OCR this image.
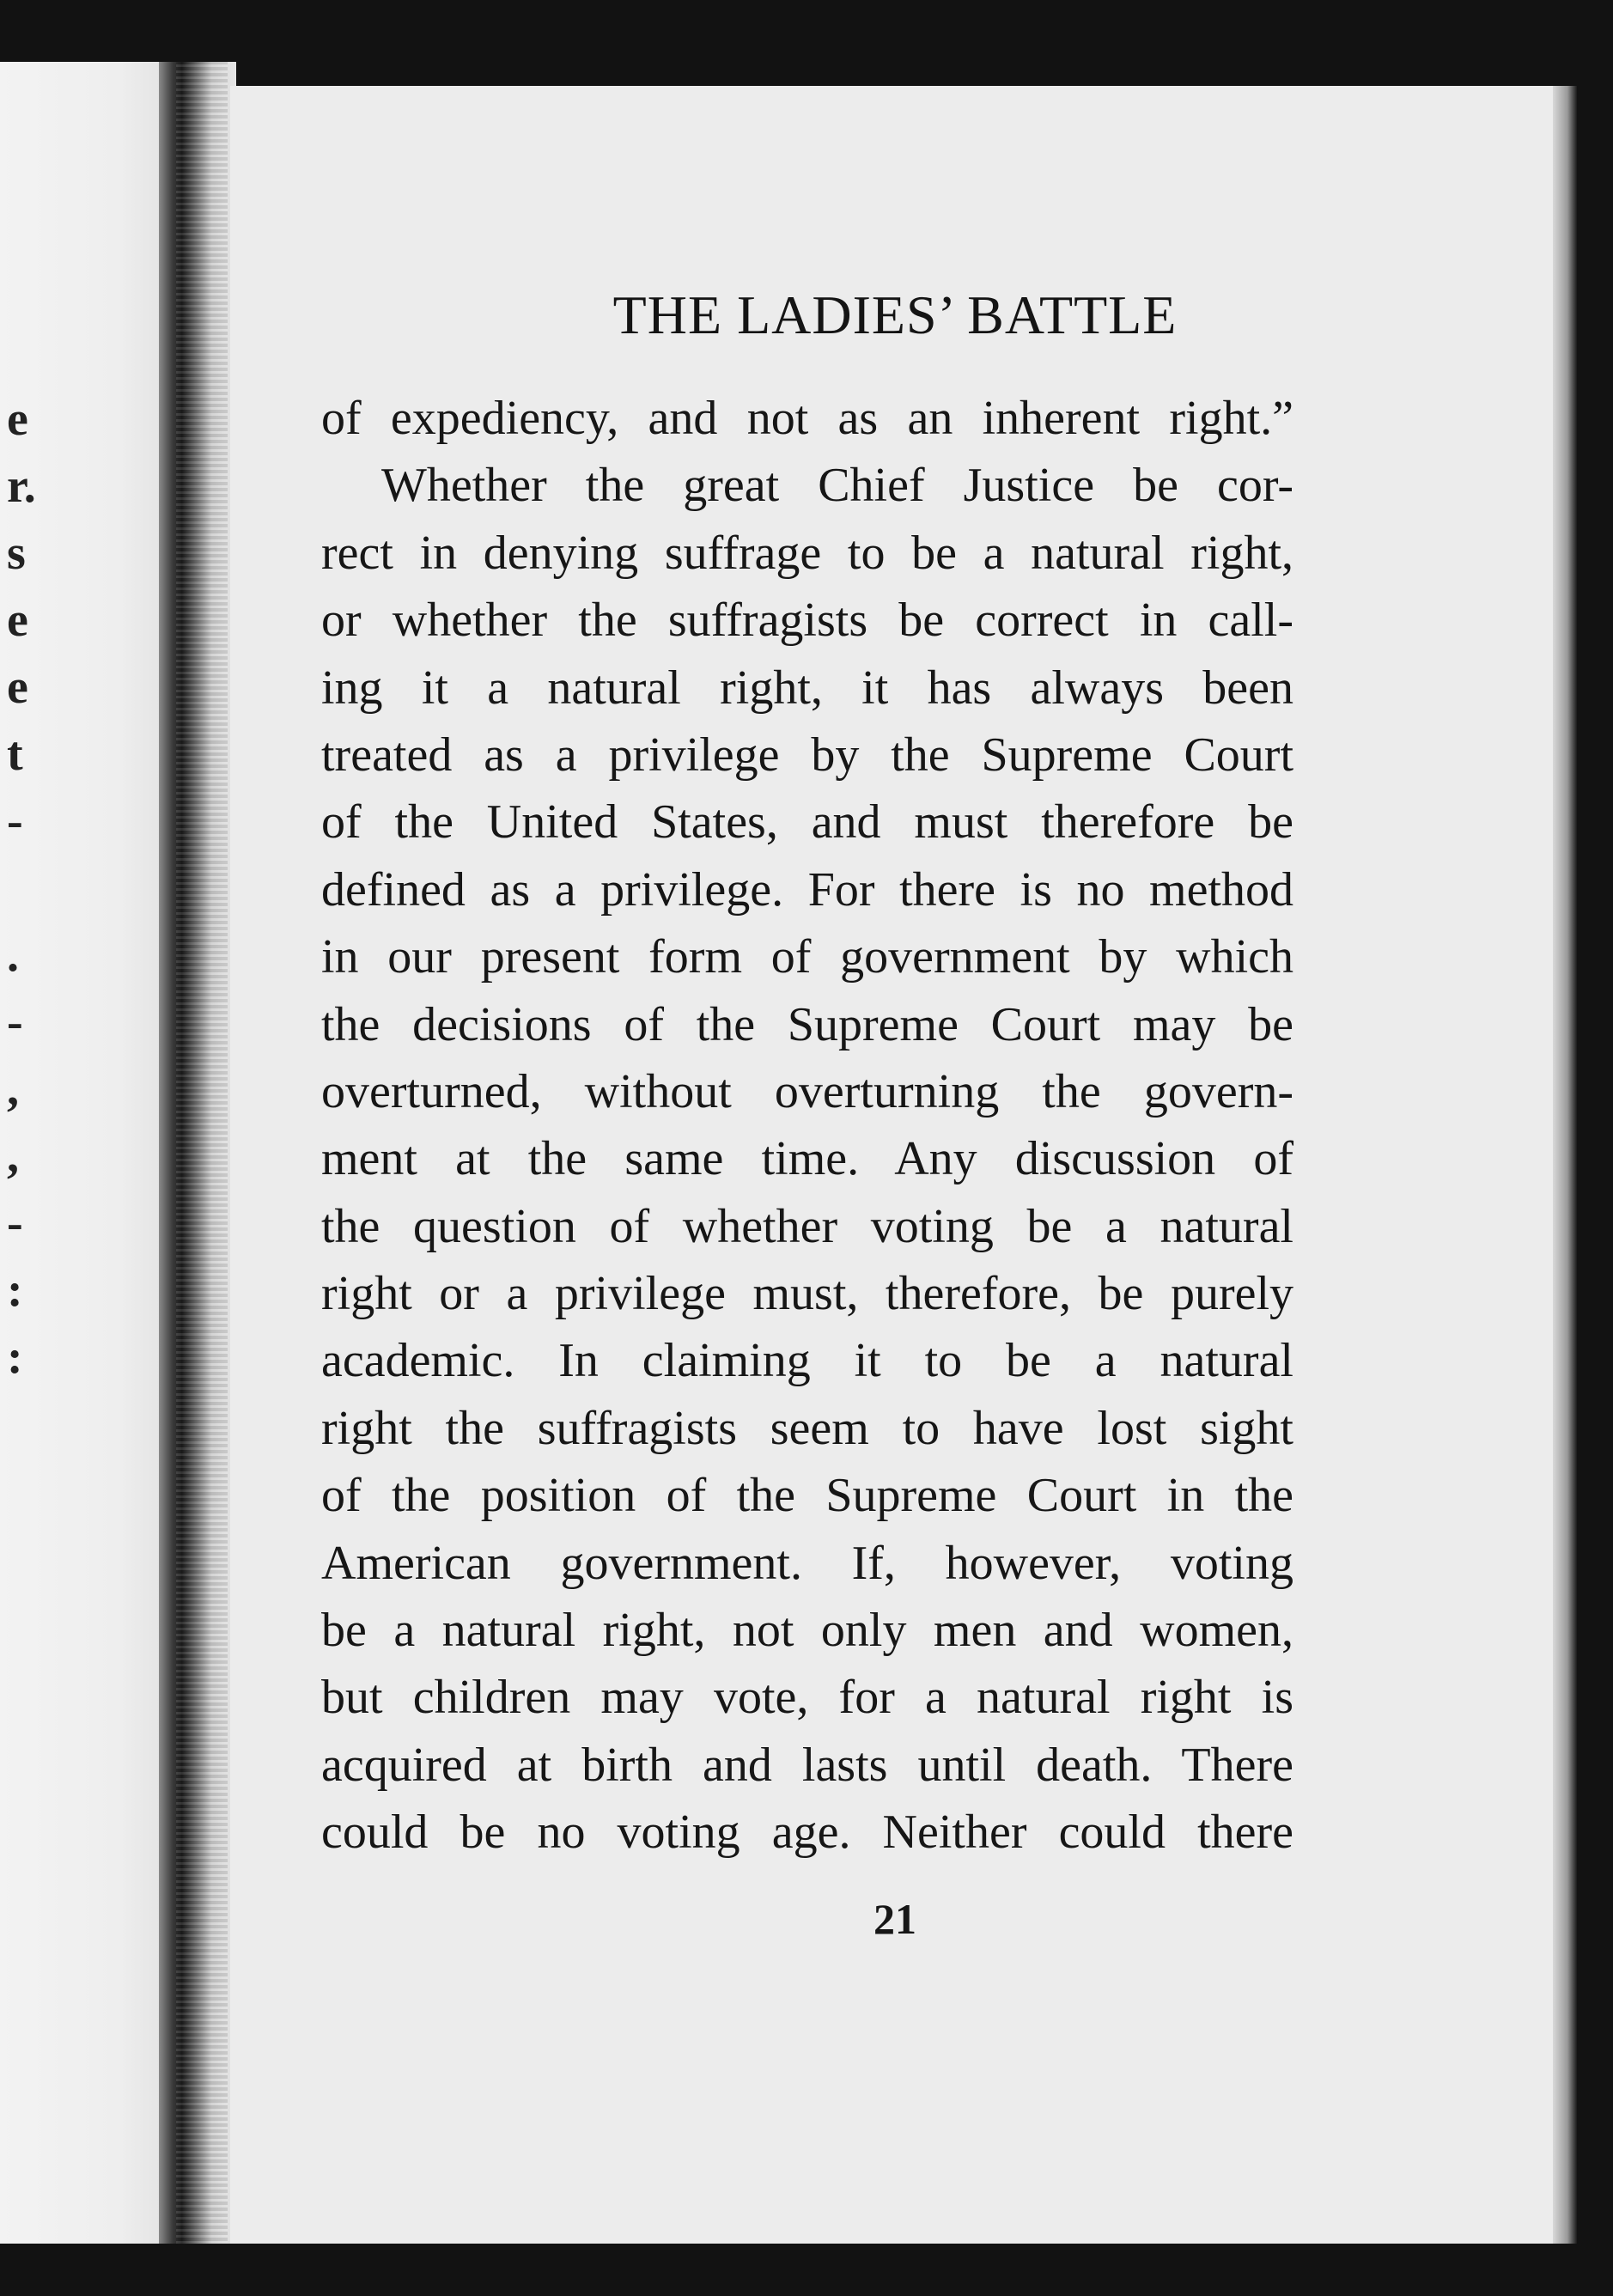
e
r.
s
e
e
t
-
.
-
,
,
-
:
:
THE LADIES’ BATTLE
of expediency, and not as an inherent right.”
Whether the great Chief Justice be cor-
rect in denying suffrage to be a natural right,
or whether the suffragists be correct in call-
ing it a natural right, it has always been
treated as a privilege by the Supreme Court
of the United States, and must therefore be
defined as a privilege. For there is no method
in our present form of government by which
the decisions of the Supreme Court may be
overturned, without overturning the govern-
ment at the same time. Any discussion of
the question of whether voting be a natural
right or a privilege must, therefore, be purely
academic. In claiming it to be a natural
right the suffragists seem to have lost sight
of the position of the Supreme Court in the
American government. If, however, voting
be a natural right, not only men and women,
but children may vote, for a natural right is
acquired at birth and lasts until death. There
could be no voting age. Neither could there
21
